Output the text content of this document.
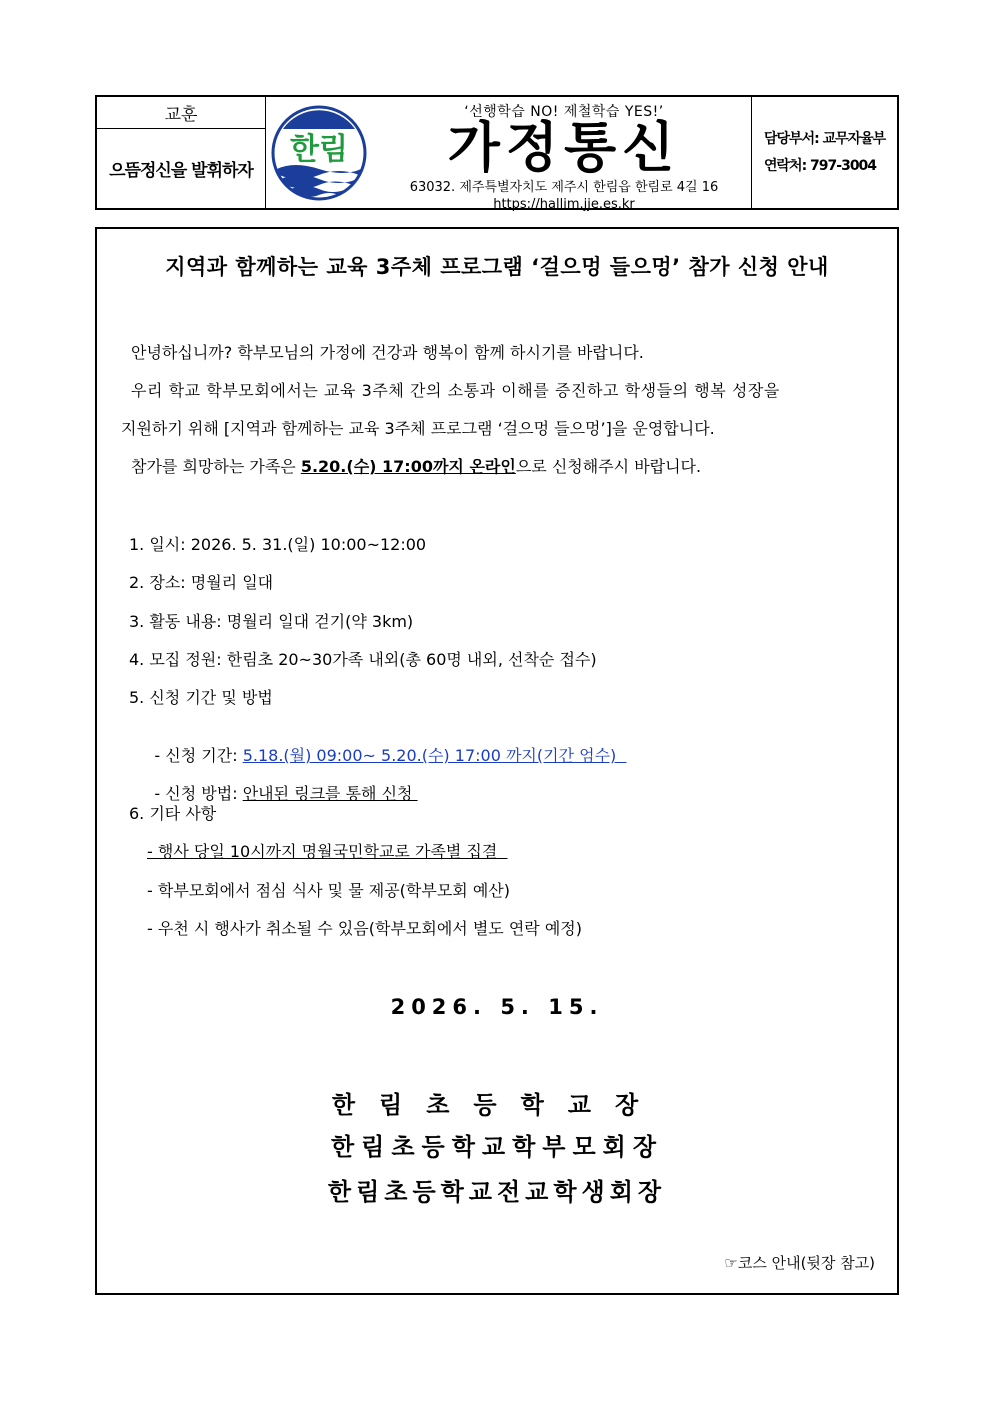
교훈
으뜸정신을 발휘하자
한림
‘선행학습 NO! 제철학습 YES!’
가정통신
63032. 제주특별자치도 제주시 한림읍 한림로 4길 16
https://hallim.jje.es.kr
담당부서: 교무자율부
연락처: 797-3004
지역과 함께하는 교육 3주체 프로그램 ‘걸으멍 들으멍’ 참가 신청 안내
안녕하십니까? 학부모님의 가정에 건강과 행복이 함께 하시기를 바랍니다.
우리 학교 학부모회에서는 교육 3주체 간의 소통과 이해를 증진하고 학생들의 행복 성장을
지원하기 위해 [지역과 함께하는 교육 3주체 프로그램 ‘걸으멍 들으멍’]을 운영합니다.
참가를 희망하는 가족은 5.20.(수) 17:00까지 온라인으로 신청해주시 바랍니다.
1. 일시: 2026. 5. 31.(일) 10:00~12:00
2. 장소: 명월리 일대
3. 활동 내용: 명월리 일대 걷기(약 3km)
4. 모집 정원: 한림초 20~30가족 내외(총 60명 내외, 선착순 접수)
5. 신청 기간 및 방법

- 신청 기간: 5.18.(월) 09:00~ 5.20.(수) 17:00 까지(기간 엄수)

- 신청 방법: 안내된 링크를 통해 신청

6. 기타 사항
- 행사 당일 10시까지 명월국민학교로 가족별 집결
- 학부모회에서 점심 식사 및 물 제공(학부모회 예산)
- 우천 시 행사가 취소될 수 있음(학부모회에서 별도 연락 예정)
2026. 5. 15.
한림초등학교장
한림초등학교학부모회장
한림초등학교전교학생회장
☞코스 안내(뒷장 참고)
